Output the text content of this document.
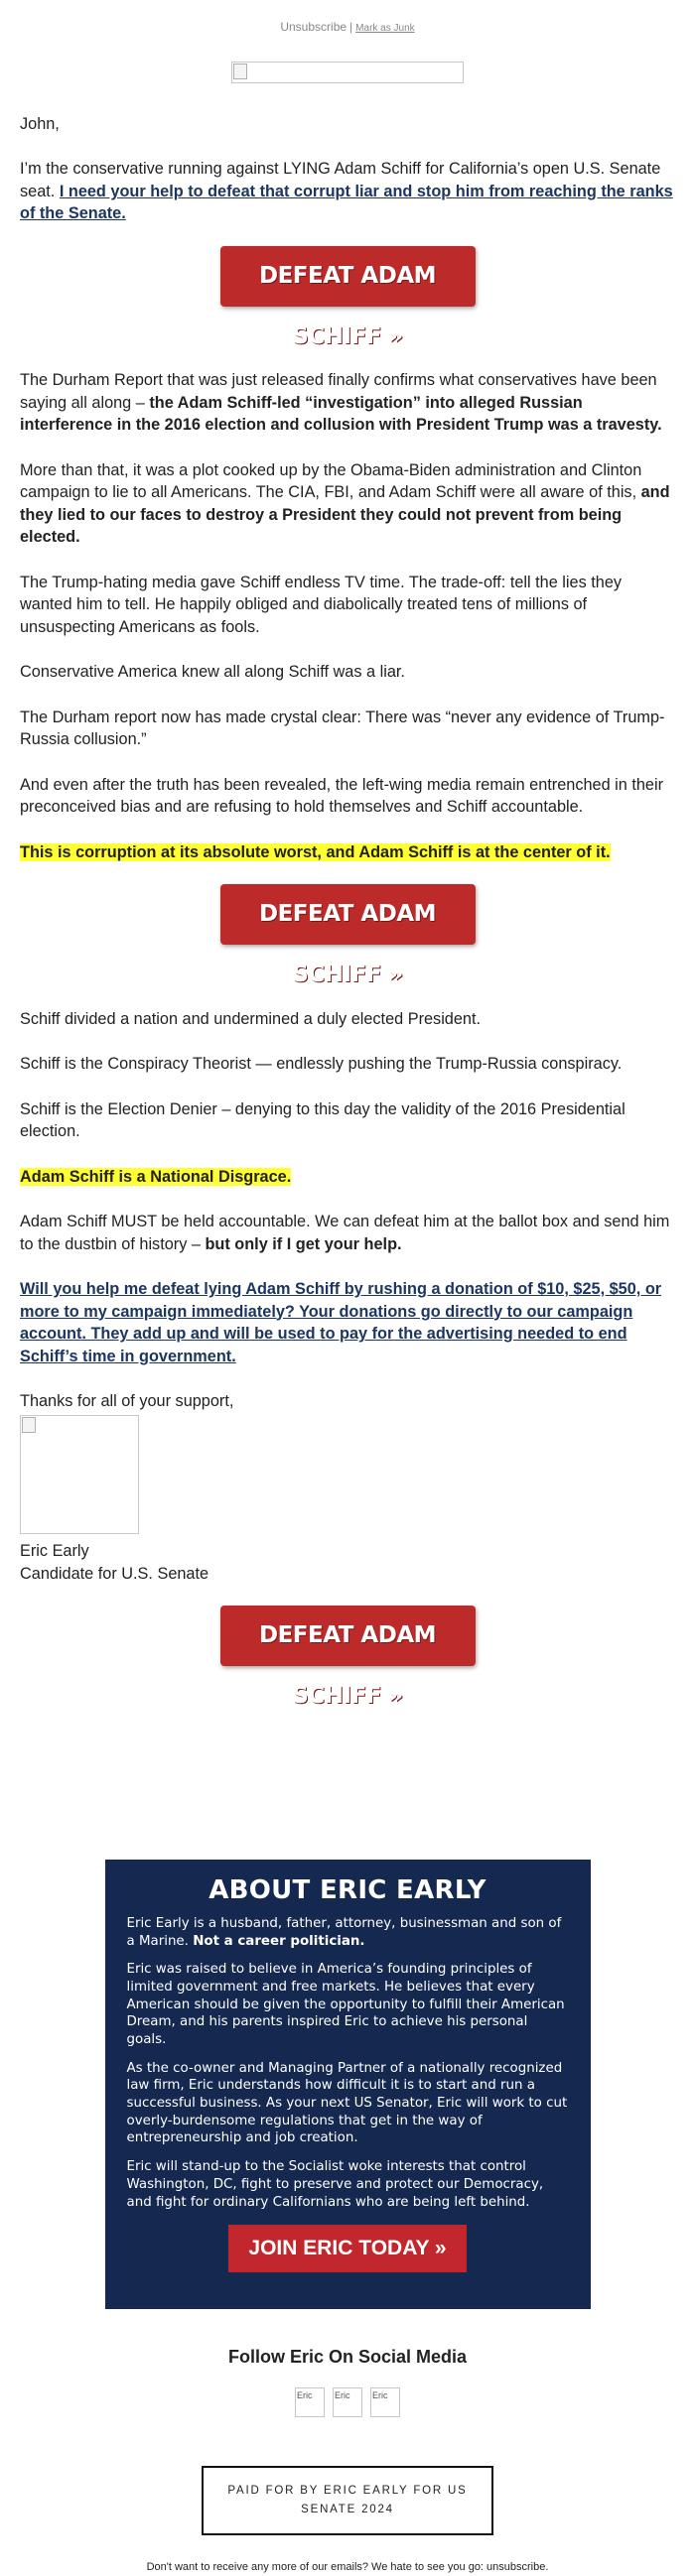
Unsubscribe | Mark as Junk

John,

I’m the conservative running against LYING Adam Schiff for California’s open U.S. Senate seat. I need your help to defeat that corrupt liar and stop him from reaching the ranks of the Senate.

DEFEAT ADAM SCHIFF »

The Durham Report that was just released finally confirms what conservatives have been saying all along – the Adam Schiff-led “investigation” into alleged Russian interference in the 2016 election and collusion with President Trump was a travesty.

More than that, it was a plot cooked up by the Obama-Biden administration and Clinton campaign to lie to all Americans. The CIA, FBI, and Adam Schiff were all aware of this, and they lied to our faces to destroy a President they could not prevent from being elected.

The Trump-hating media gave Schiff endless TV time. The trade-off: tell the lies they wanted him to tell. He happily obliged and diabolically treated tens of millions of unsuspecting Americans as fools.

Conservative America knew all along Schiff was a liar.

The Durham report now has made crystal clear: There was “never any evidence of Trump-Russia collusion.”

And even after the truth has been revealed, the left-wing media remain entrenched in their preconceived bias and are refusing to hold themselves and Schiff accountable.

This is corruption at its absolute worst, and Adam Schiff is at the center of it.

DEFEAT ADAM SCHIFF »

Schiff divided a nation and undermined a duly elected President.

Schiff is the Conspiracy Theorist — endlessly pushing the Trump-Russia conspiracy.

Schiff is the Election Denier – denying to this day the validity of the 2016 Presidential election.

Adam Schiff is a National Disgrace.

Adam Schiff MUST be held accountable. We can defeat him at the ballot box and send him to the dustbin of history – but only if I get your help.

Will you help me defeat lying Adam Schiff by rushing a donation of $10, $25, $50, or more to my campaign immediately? Your donations go directly to our campaign account. They add up and will be used to pay for the advertising needed to end Schiff’s time in government.

Thanks for all of your support,

Eric Early

Candidate for U.S. Senate

DEFEAT ADAM SCHIFF »
ABOUT ERIC EARLY

Eric Early is a husband, father, attorney, businessman and son of a Marine. Not a career politician.

Eric was raised to believe in America’s founding principles of limited government and free markets. He believes that every American should be given the opportunity to fulfill their American Dream, and his parents inspired Eric to achieve his personal goals.

As the co-owner and Managing Partner of a nationally recognized law firm, Eric understands how difficult it is to start and run a successful business. As your next US Senator, Eric will work to cut overly-burdensome regulations that get in the way of entrepreneurship and job creation.

Eric will stand-up to the Socialist woke interests that control Washington, DC, fight to preserve and protect our Democracy, and fight for ordinary Californians who are being left behind.

JOIN ERIC TODAY »
Follow Eric On Social Media
Eric	Eric	Eric
PAID FOR BY ERIC EARLY FOR US
SENATE 2024
Don't want to receive any more of our emails? We hate to see you go: unsubscribe.
